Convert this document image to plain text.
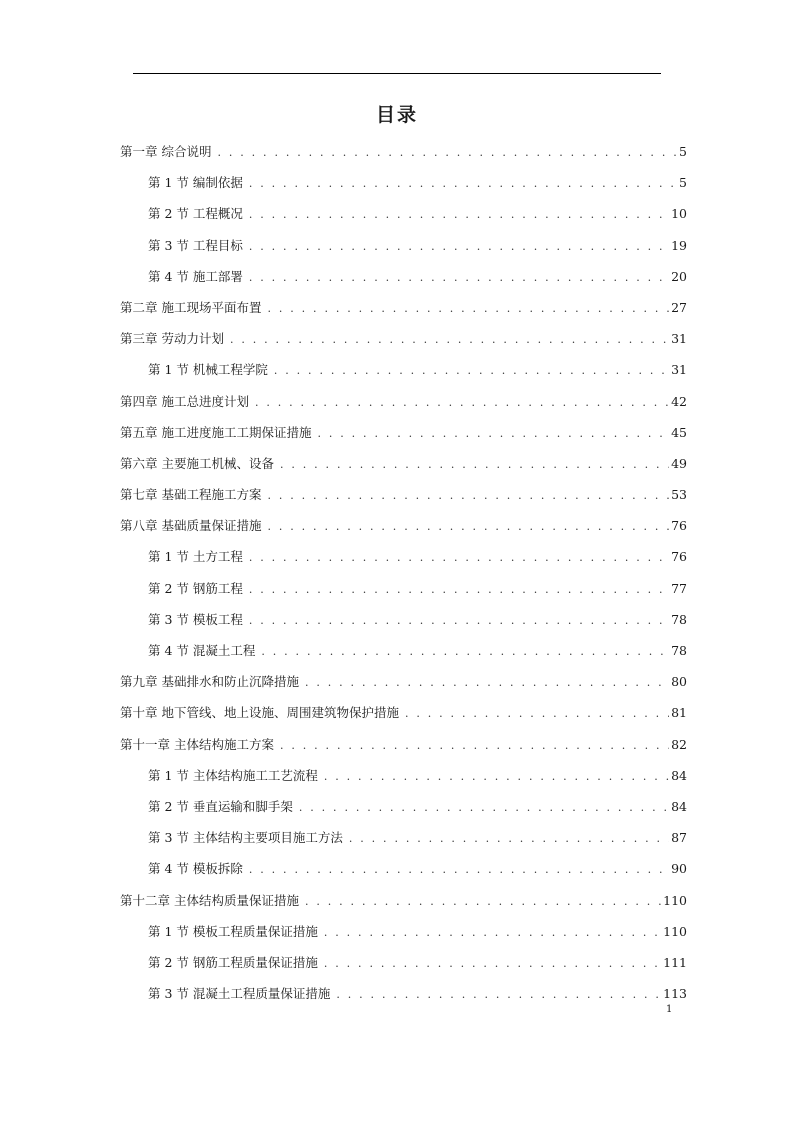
目录
第一章 综合说明 . . .	5
第 1 节 编制依据 . . .	5
第 2 节 工程概况 . . .	10
第 3 节 工程目标 . . .	19
第 4 节 施工部署 . . .	20
第二章 施工现场平面布置 . . .	27
第三章 劳动力计划 . . .	31
第 1 节 机械工程学院 . . .	31
第四章 施工总进度计划 . . .	42
第五章 施工进度施工工期保证措施 . . .	45
第六章 主要施工机械、设备 . . .	49
第七章 基础工程施工方案 . . .	53
第八章 基础质量保证措施 . . .	76
第 1 节 土方工程 . . .	76
第 2 节 钢筋工程 . . .	77
第 3 节 模板工程 . . .	78
第 4 节 混凝土工程 . . .	78
第九章 基础排水和防止沉降措施 . . .	80
第十章 地下管线、地上设施、周围建筑物保护措施 . . .	81
第十一章 主体结构施工方案 . . .	82
第 1 节 主体结构施工工艺流程 . . .	84
第 2 节 垂直运输和脚手架 . . .	84
第 3 节 主体结构主要项目施工方法 . . .	87
第 4 节 模板拆除 . . .	90
第十二章 主体结构质量保证措施 . . .	110
第 1 节 模板工程质量保证措施 . . .	110
第 2 节 钢筋工程质量保证措施 . . .	111
第 3 节 混凝土工程质量保证措施 . . .	113
1
